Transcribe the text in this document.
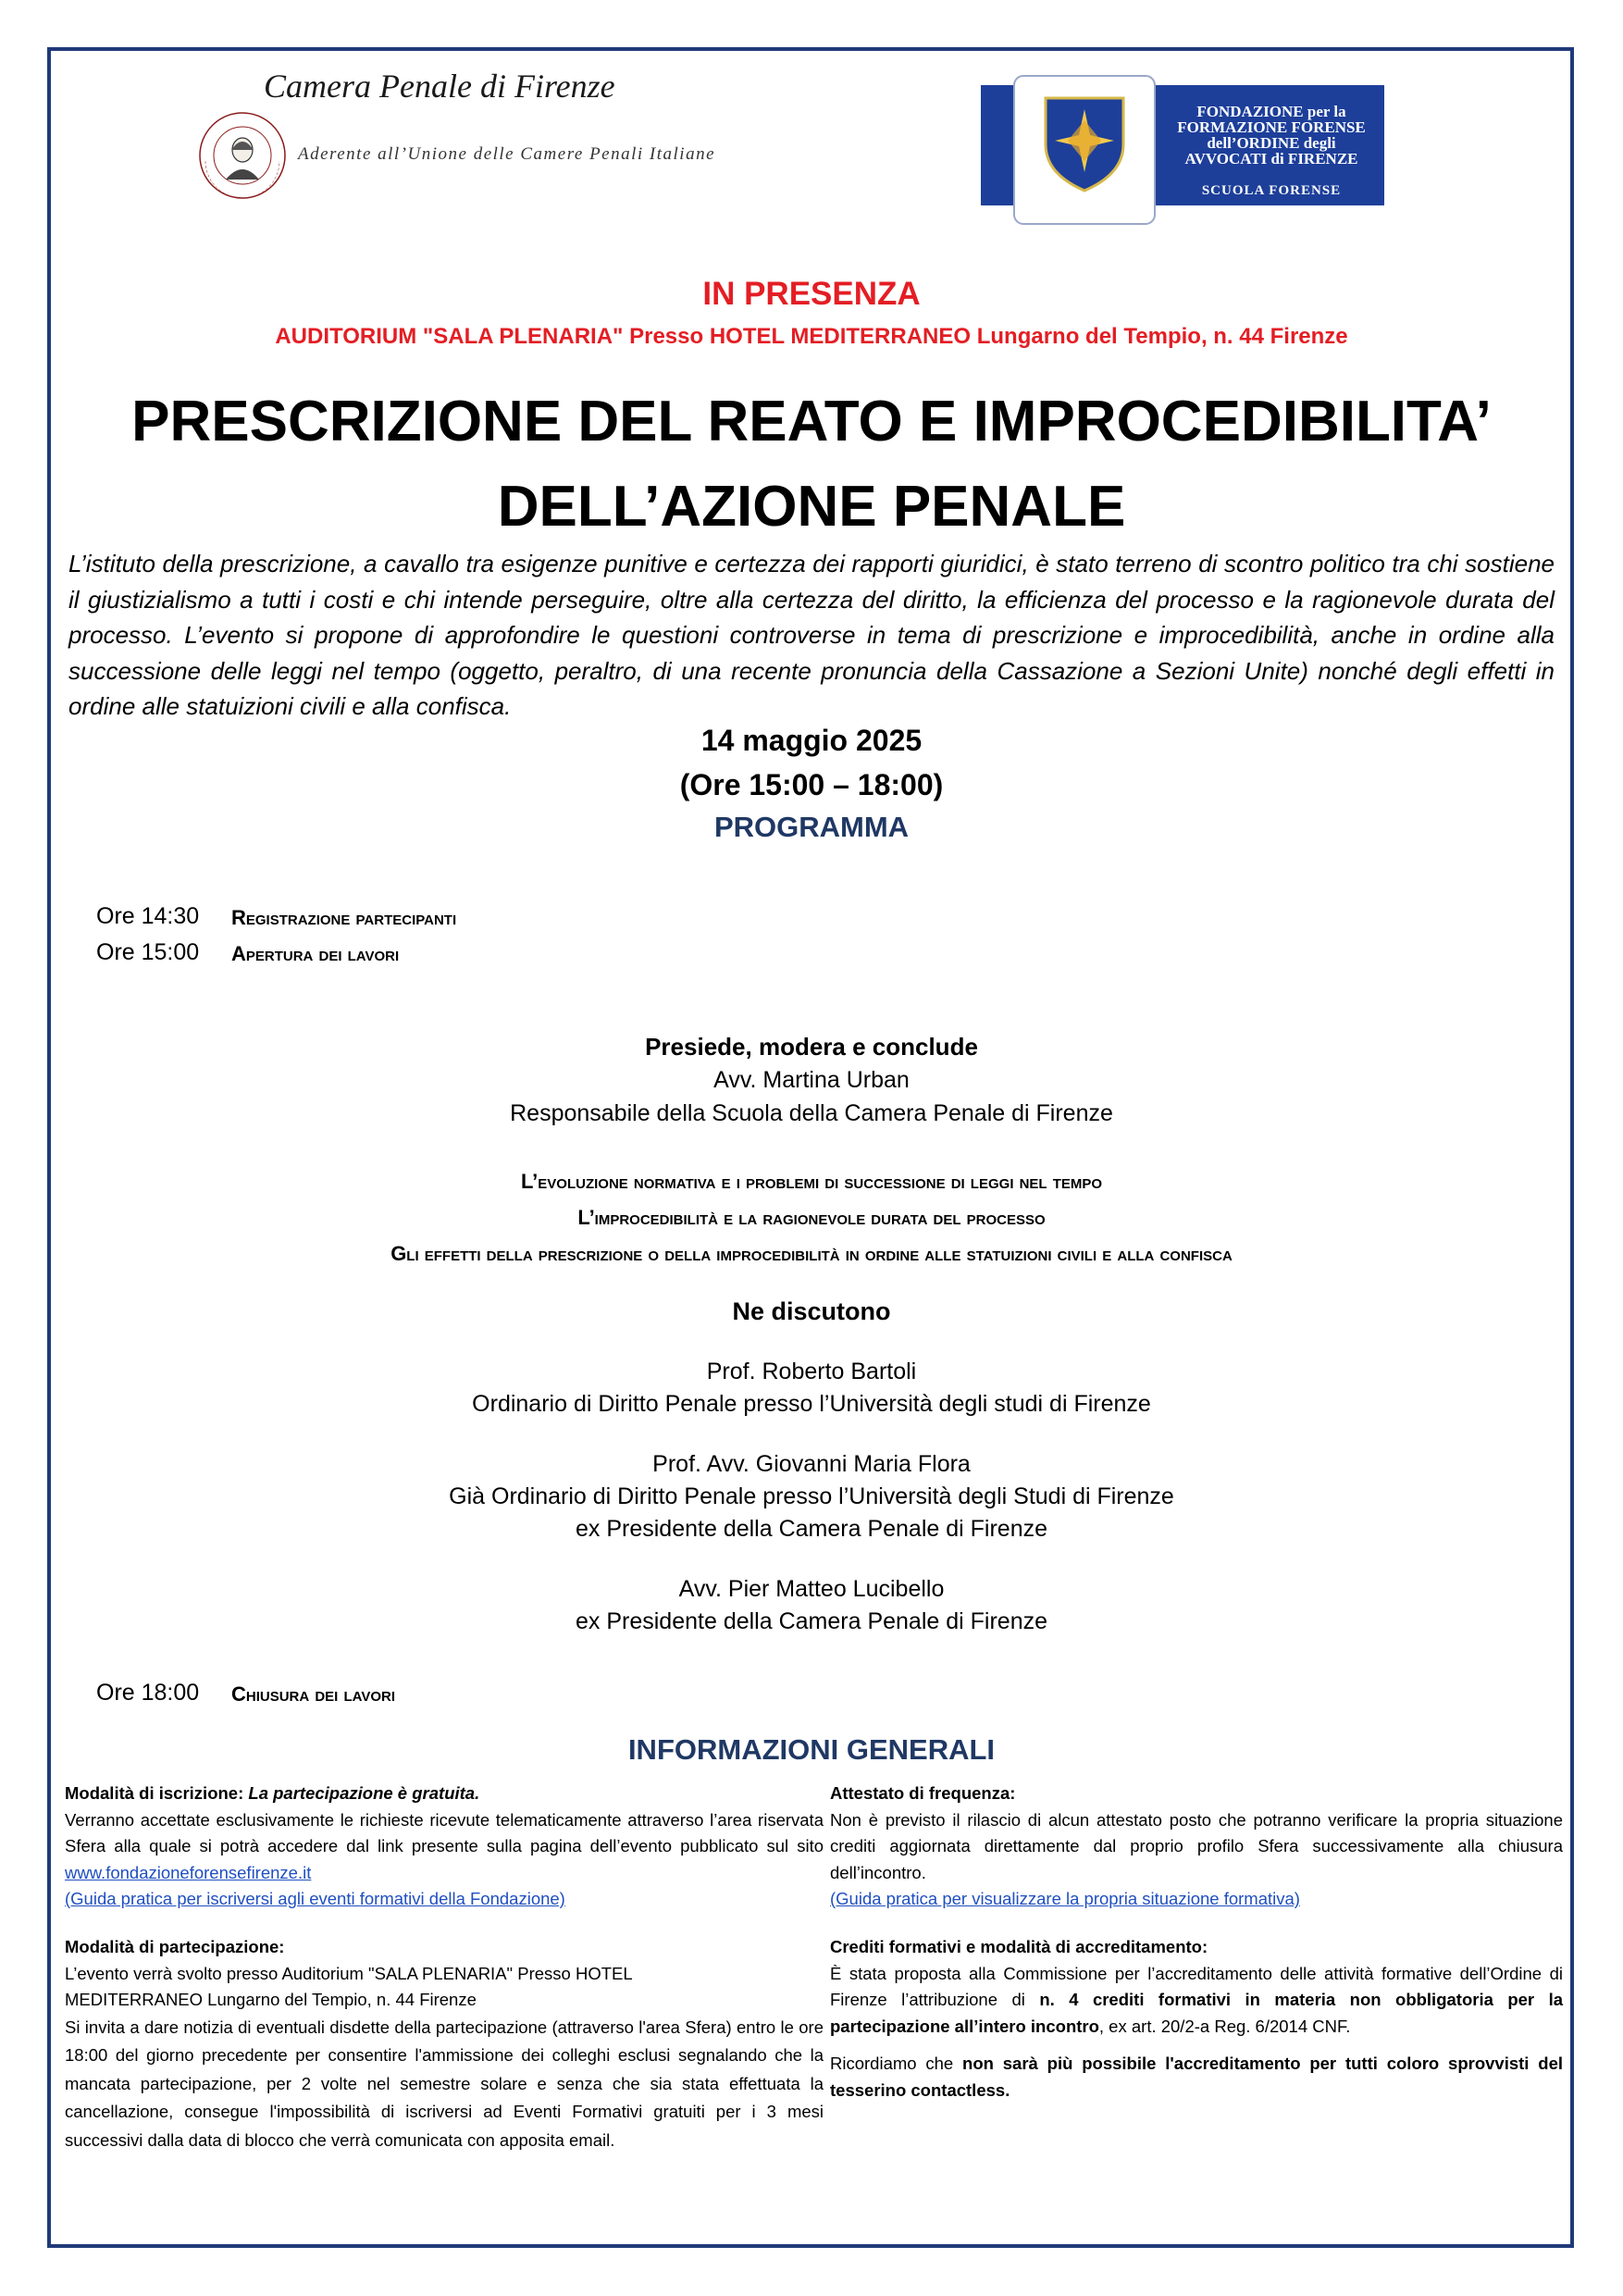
Camera Penale di Firenze
Aderente all’Unione delle Camere Penali Italiane
FONDAZIONE per la
FORMAZIONE FORENSE
dell’ORDINE degli
AVVOCATI di FIRENZE
SCUOLA FORENSE
IN PRESENZA
AUDITORIUM "SALA PLENARIA" Presso HOTEL MEDITERRANEO Lungarno del Tempio, n. 44 Firenze
PRESCRIZIONE DEL REATO E IMPROCEDIBILITA’
DELL’AZIONE PENALE
L’istituto della prescrizione, a cavallo tra esigenze punitive e certezza dei rapporti giuridici, è stato terreno di scontro politico tra chi sostiene il giustizialismo a tutti i costi e chi intende perseguire, oltre alla certezza del diritto, la efficienza del processo e la ragionevole durata del processo. L’evento si propone di approfondire le questioni controverse in tema di prescrizione e improcedibilità, anche in ordine alla successione delle leggi nel tempo (oggetto, peraltro, di una recente pronuncia della Cassazione a Sezioni Unite) nonché degli effetti in ordine alle statuizioni civili e alla confisca.
14 maggio 2025
(Ore 15:00 – 18:00)
PROGRAMMA
Ore 14:30 Registrazione partecipanti
Ore 15:00 Apertura dei lavori
Presiede, modera e conclude
Avv. Martina Urban
Responsabile della Scuola della Camera Penale di Firenze
L’evoluzione normativa e i problemi di successione di leggi nel tempo
L’improcedibilità e la ragionevole durata del processo
Gli effetti della prescrizione o della improcedibilità in ordine alle statuizioni civili e alla confisca
Ne discutono
Prof. Roberto Bartoli
Ordinario di Diritto Penale presso l’Università degli studi di Firenze
Prof. Avv. Giovanni Maria Flora
Già Ordinario di Diritto Penale presso l’Università degli Studi di Firenze
ex Presidente della Camera Penale di Firenze
Avv. Pier Matteo Lucibello
ex Presidente della Camera Penale di Firenze
Ore 18:00 Chiusura dei lavori
INFORMAZIONI GENERALI
Modalità di iscrizione: La partecipazione è gratuita.
Verranno accettate esclusivamente le richieste ricevute telematicamente attraverso l’area riservata Sfera alla quale si potrà accedere dal link presente sulla pagina dell’evento pubblicato sul sito www.fondazioneforensefirenze.it
(Guida pratica per iscriversi agli eventi formativi della Fondazione)
Modalità di partecipazione:
L’evento verrà svolto presso Auditorium "SALA PLENARIA" Presso HOTEL MEDITERRANEO Lungarno del Tempio, n. 44 Firenze
Si invita a dare notizia di eventuali disdette della partecipazione (attraverso l'area Sfera) entro le ore 18:00 del giorno precedente per consentire l'ammissione dei colleghi esclusi segnalando che la mancata partecipazione, per 2 volte nel semestre solare e senza che sia stata effettuata la cancellazione, consegue l'impossibilità di iscriversi ad Eventi Formativi gratuiti per i 3 mesi successivi dalla data di blocco che verrà comunicata con apposita email.
Attestato di frequenza:
Non è previsto il rilascio di alcun attestato posto che potranno verificare la propria situazione crediti aggiornata direttamente dal proprio profilo Sfera successivamente alla chiusura dell’incontro.
(Guida pratica per visualizzare la propria situazione formativa)
Crediti formativi e modalità di accreditamento:
È stata proposta alla Commissione per l’accreditamento delle attività formative dell’Ordine di Firenze l’attribuzione di n. 4 crediti formativi in materia non obbligatoria per la partecipazione all’intero incontro, ex art. 20/2-a Reg. 6/2014 CNF.
Ricordiamo che non sarà più possibile l'accreditamento per tutti coloro sprovvisti del tesserino contactless.
